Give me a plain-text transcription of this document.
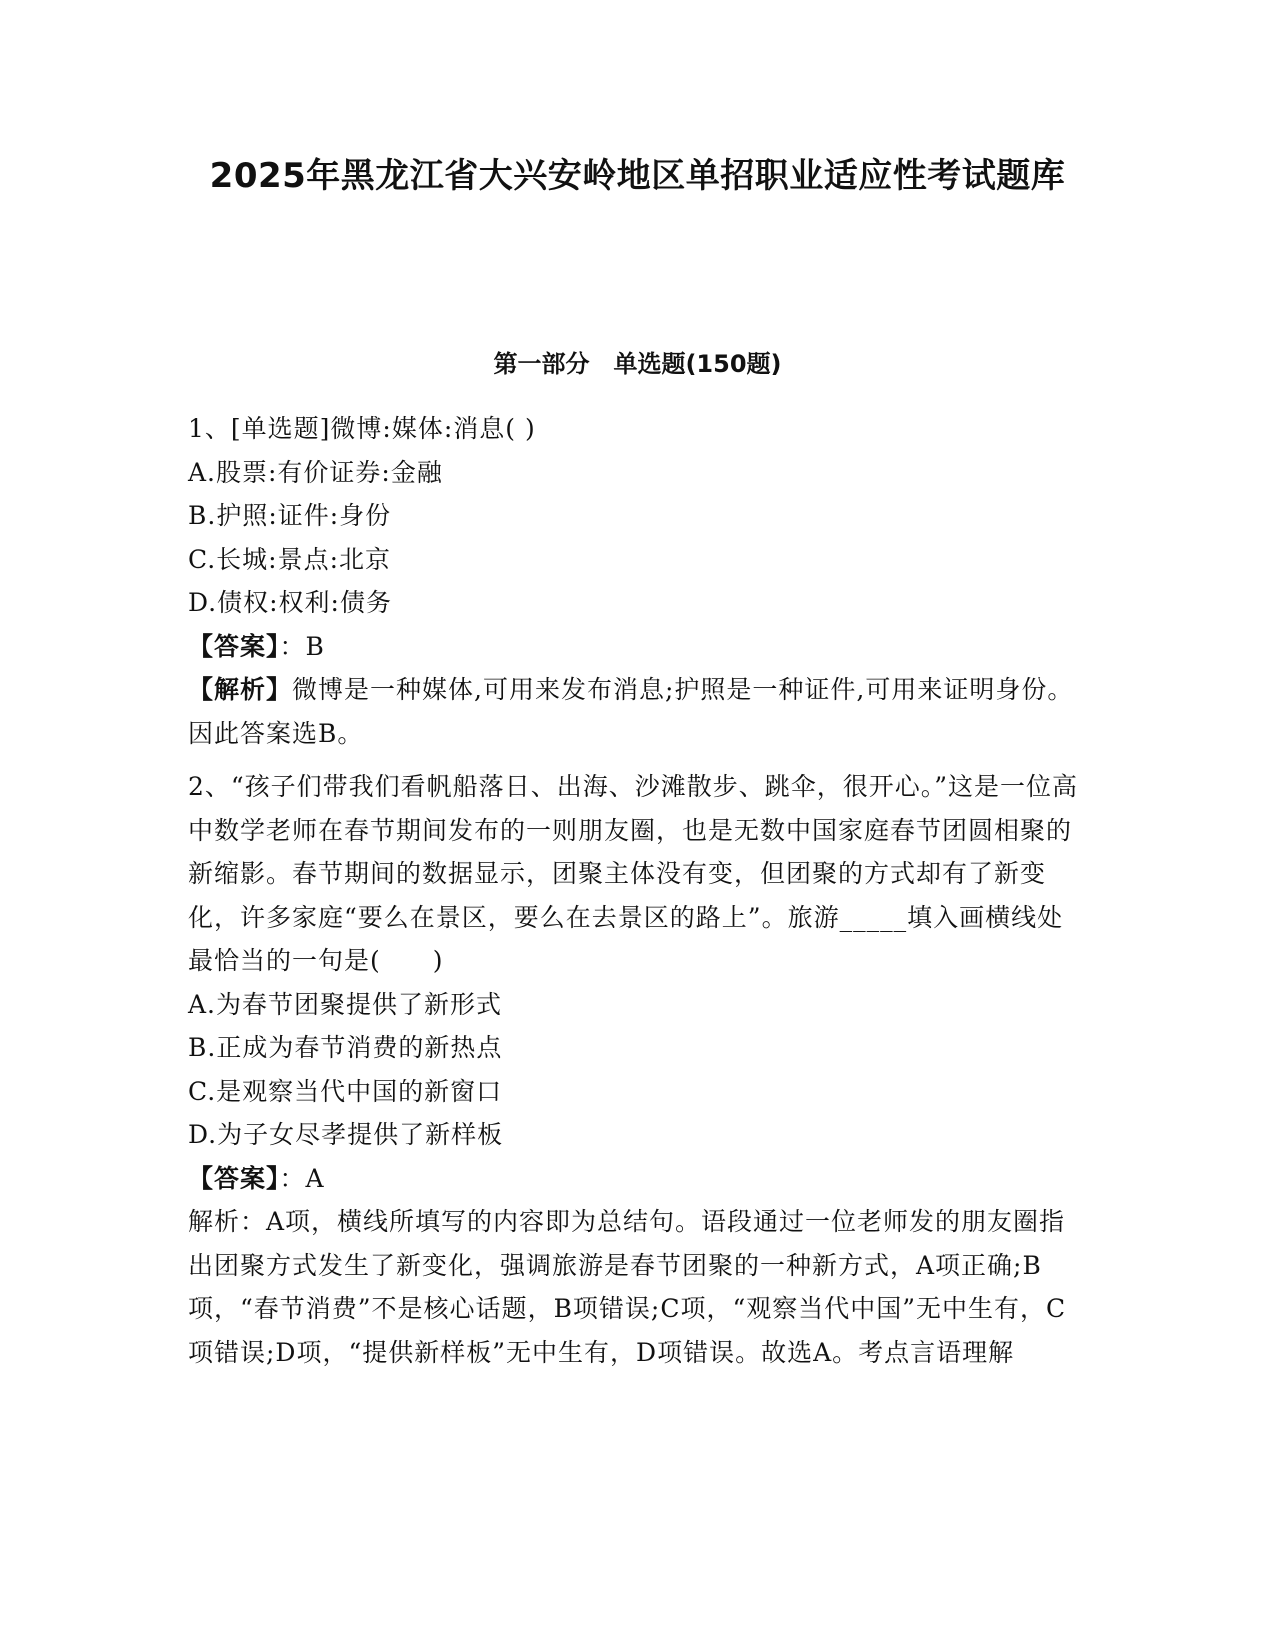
2025年黑龙江省大兴安岭地区单招职业适应性考试题库
第一部分　单选题(150题)
1、[单选题]微博:媒体:消息( )
A.股票:有价证券:金融
B.护照:证件:身份
C.长城:景点:北京
D.债权:权利:债务
【答案】：B
【解析】微博是一种媒体,可用来发布消息;护照是一种证件,可用来证明身份。因此答案选B。
2、“孩子们带我们看帆船落日、出海、沙滩散步、跳伞，很开心。”这是一位高中数学老师在春节期间发布的一则朋友圈，也是无数中国家庭春节团圆相聚的新缩影。春节期间的数据显示，团聚主体没有变，但团聚的方式却有了新变化，许多家庭“要么在景区，要么在去景区的路上”。旅游_____填入画横线处最恰当的一句是(　　)
A.为春节团聚提供了新形式
B.正成为春节消费的新热点
C.是观察当代中国的新窗口
D.为子女尽孝提供了新样板
【答案】：A
解析：A项，横线所填写的内容即为总结句。语段通过一位老师发的朋友圈指出团聚方式发生了新变化，强调旅游是春节团聚的一种新方式，A项正确;B项，“春节消费”不是核心话题，B项错误;C项，“观察当代中国”无中生有，C项错误;D项，“提供新样板”无中生有，D项错误。故选A。考点言语理解
